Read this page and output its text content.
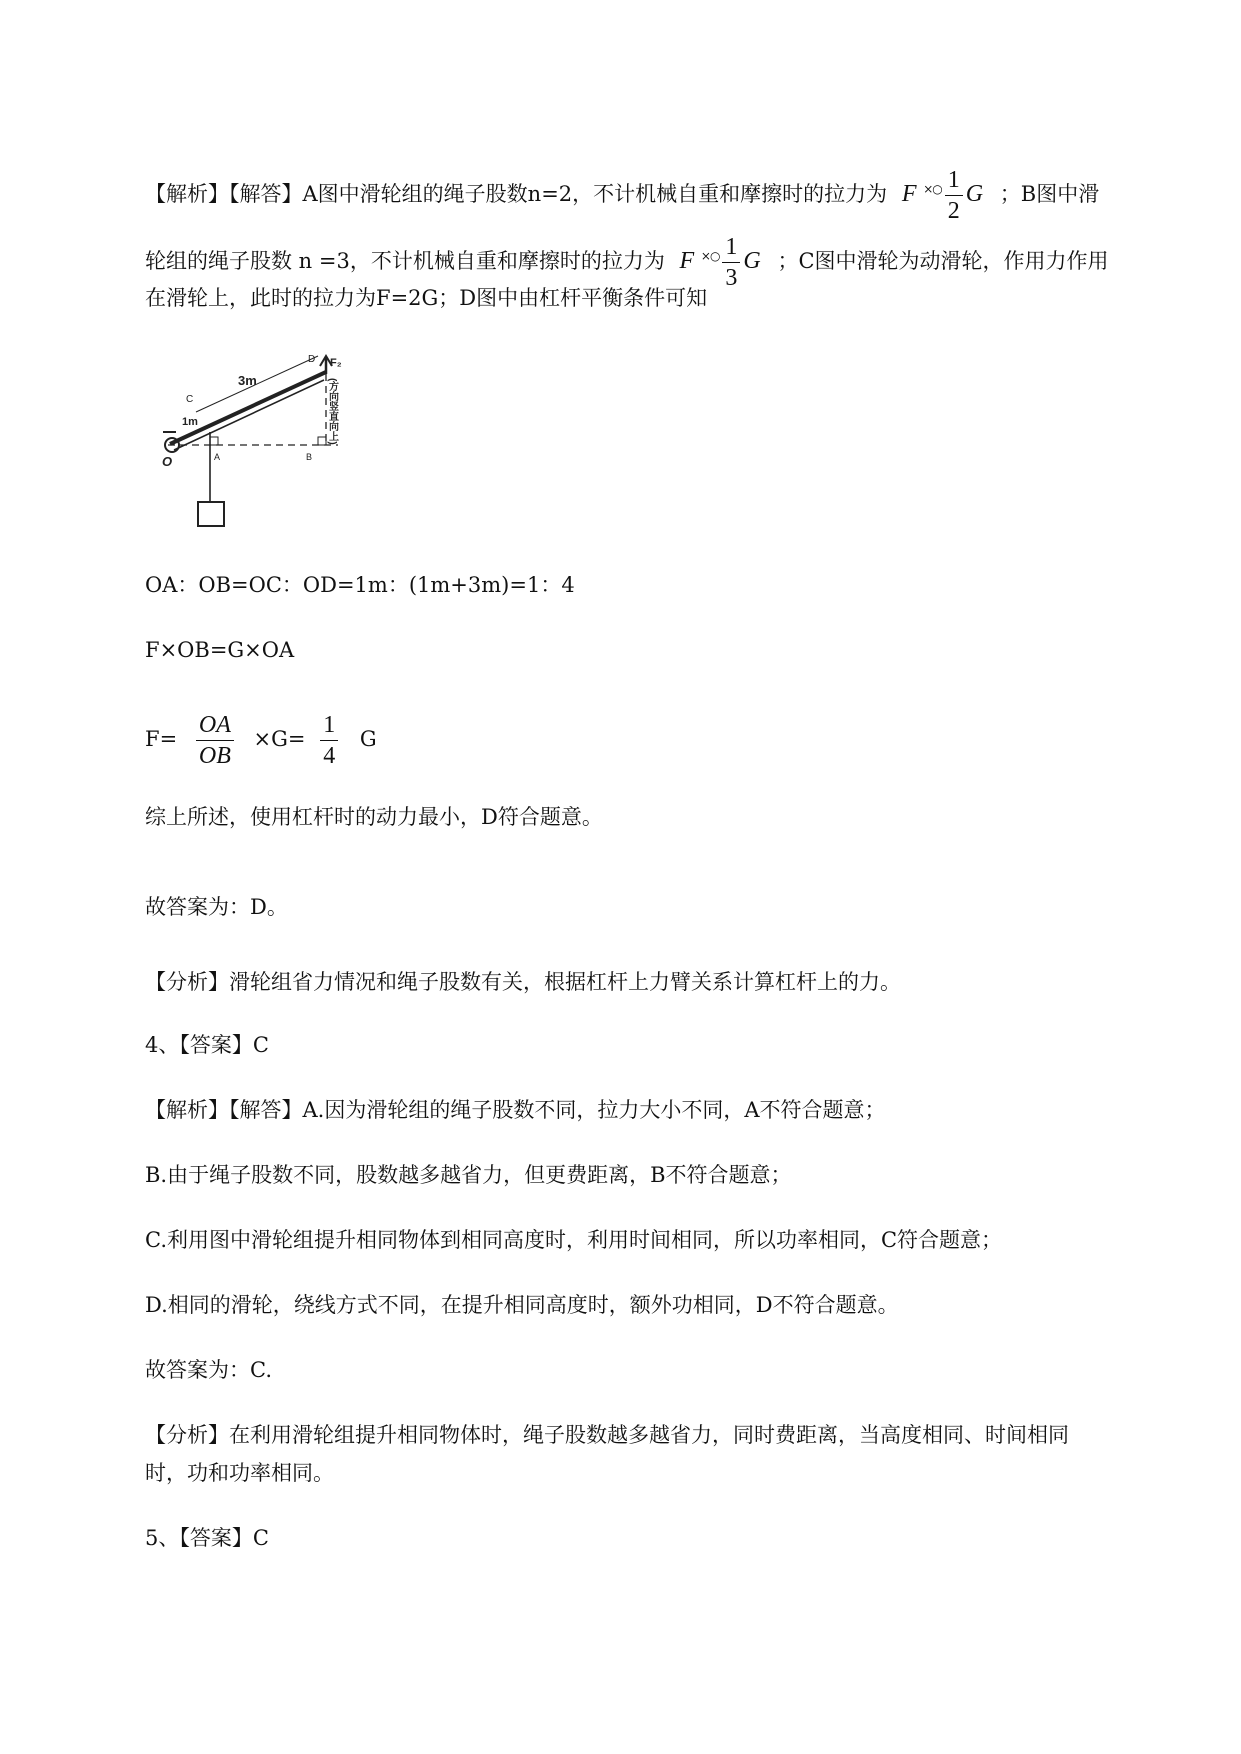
【解析】【解答】A图中滑轮组的绳子股数n=2，不计机械自重和摩擦时的拉力为 F $^{\times○} \frac{1}{2}$ G ；B图中滑
轮组的绳子股数 n =3，不计机械自重和摩擦时的拉力为 F $^{\times○} \frac{1}{3}$ G ；C图中滑轮为动滑轮，作用力作用
在滑轮上，此时的拉力为F=2G；D图中由杠杆平衡条件可知
D F₂
C
3m
1m
O	A	B
(方向竖直向上)
OA：OB=OC：OD=1m：(1m+3m)=1：4
F×OB=G×OA
$F= \frac{OA}{OB} \times G= \frac{1}{4}$ G
综上所述，使用杠杆时的动力最小，D符合题意。
故答案为：D。
【分析】滑轮组省力情况和绳子股数有关，根据杠杆上力臂关系计算杠杆上的力。
4、【答案】C
【解析】【解答】A.因为滑轮组的绳子股数不同，拉力大小不同，A不符合题意；
B.由于绳子股数不同，股数越多越省力，但更费距离，B不符合题意；
C.利用图中滑轮组提升相同物体到相同高度时，利用时间相同，所以功率相同，C符合题意；
D.相同的滑轮，绕线方式不同，在提升相同高度时，额外功相同，D不符合题意。
故答案为：C.
【分析】在利用滑轮组提升相同物体时，绳子股数越多越省力，同时费距离，当高度相同、时间相同
时，功和功率相同。
5、【答案】C
